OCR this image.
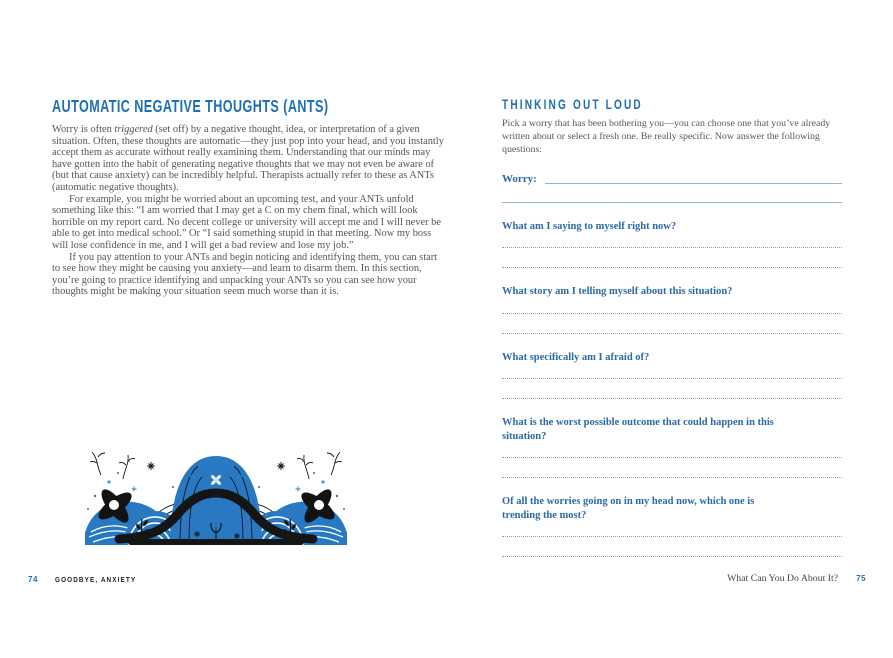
AUTOMATIC NEGATIVE THOUGHTS (ANTS)

Worry is often triggered (set off) by a negative thought, idea, or interpretation of a given situation. Often, these thoughts are automatic—they just pop into your head, and you instantly accept them as accurate without really examining them. Understanding that our minds may have gotten into the habit of generating negative thoughts that we may not even be aware of (but that cause anxiety) can be incredibly helpful. Therapists actually refer to these as ANTs (automatic negative thoughts).

For example, you might be worried about an upcoming test, and your ANTs unfold something like this: “I am worried that I may get a C on my chem final, which will look horrible on my report card. No decent college or university will accept me and I will never be able to get into medical school.” Or “I said something stupid in that meeting. Now my boss will lose confidence in me, and I will get a bad review and lose my job.”

If you pay attention to your ANTs and begin noticing and identifying them, you can start to see how they might be causing you anxiety—and learn to disarm them. In this section, you’re going to practice identifying and unpacking your ANTs so you can see how your thoughts might be making your situation seem much worse than it is.

THINKING OUT LOUD

Pick a worry that has been bothering you—you can choose one that you’ve already written about or select a fresh one. Be really specific. Now answer the following questions:

Worry:
What am I saying to myself right now?
What story am I telling myself about this situation?
What specifically am I afraid of?
What is the worst possible outcome that could happen in this situation?
Of all the worries going on in my head now, which one is trending the most?
74 GOODBYE, ANXIETY	What Can You Do About It? 75
